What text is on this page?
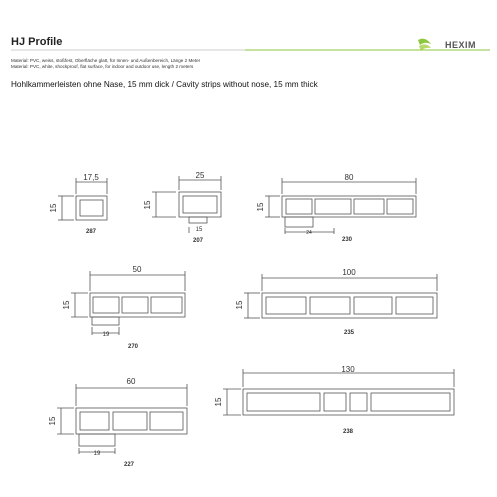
HJ Profile
Material: PVC, weiss, stoßfest, Oberfläche glatt, für Innen- und Außenbereich, Länge 2 Meter
Material: PVC, white, shockproof, flat surface, for indoor and outdoor use, length 2 meters
Hohlkammerleisten ohne Nase, 15 mm dick / Cavity strips without nose, 15 mm thick
HEXIM
17,5
15
287
25
15
15
207
80
15
24
230
50
15
19
270
100
15
235
60
15
19
227
130
15
238
